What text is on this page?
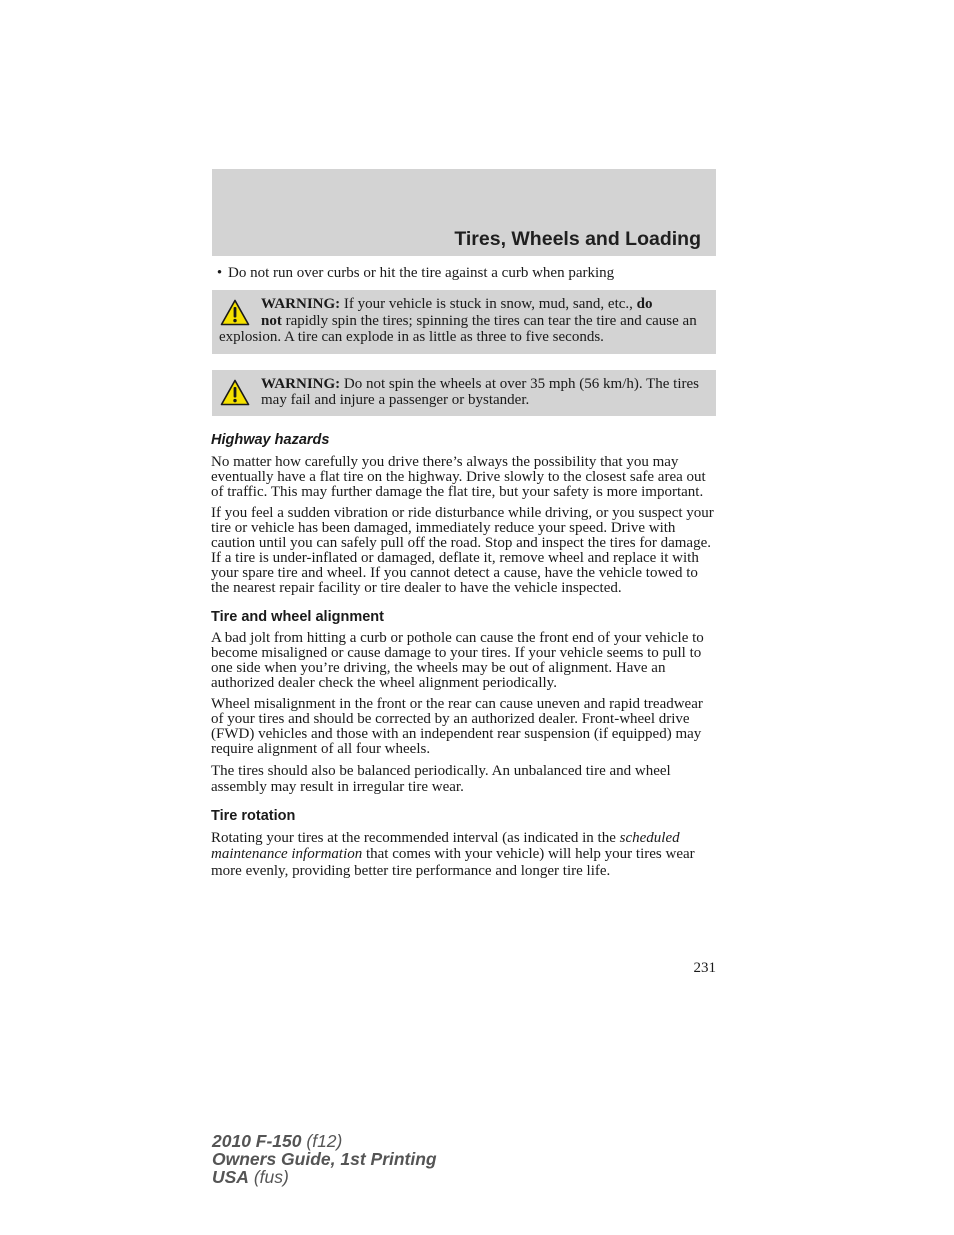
Tires, Wheels and Loading
• Do not run over curbs or hit the tire against a curb when parking
WARNING: If your vehicle is stuck in snow, mud, sand, etc., do
not rapidly spin the tires; spinning the tires can tear the tire and cause an explosion. A tire can explode in as little as three to five seconds.
WARNING: Do not spin the wheels at over 35 mph (56 km/h). The tires may fail and injure a passenger or bystander.
Highway hazards

No matter how carefully you drive there’s always the possibility that you may eventually have a flat tire on the highway. Drive slowly to the closest safe area out of traffic. This may further damage the flat tire, but your safety is more important.

If you feel a sudden vibration or ride disturbance while driving, or you suspect your tire or vehicle has been damaged, immediately reduce your speed. Drive with caution until you can safely pull off the road. Stop and inspect the tires for damage. If a tire is under-inflated or damaged, deflate it, remove wheel and replace it with your spare tire and wheel. If you cannot detect a cause, have the vehicle towed to the nearest repair facility or tire dealer to have the vehicle inspected.

Tire and wheel alignment

A bad jolt from hitting a curb or pothole can cause the front end of your vehicle to become misaligned or cause damage to your tires. If your vehicle seems to pull to one side when you’re driving, the wheels may be out of alignment. Have an authorized dealer check the wheel alignment periodically.

Wheel misalignment in the front or the rear can cause uneven and rapid treadwear of your tires and should be corrected by an authorized dealer. Front-wheel drive (FWD) vehicles and those with an independent rear suspension (if equipped) may require alignment of all four wheels.

The tires should also be balanced periodically. An unbalanced tire and wheel assembly may result in irregular tire wear.

Tire rotation

Rotating your tires at the recommended interval (as indicated in the scheduled maintenance information that comes with your vehicle) will help your tires wear more evenly, providing better tire performance and longer tire life.

231
2010 F-150 (f12)
Owners Guide, 1st Printing
USA (fus)
